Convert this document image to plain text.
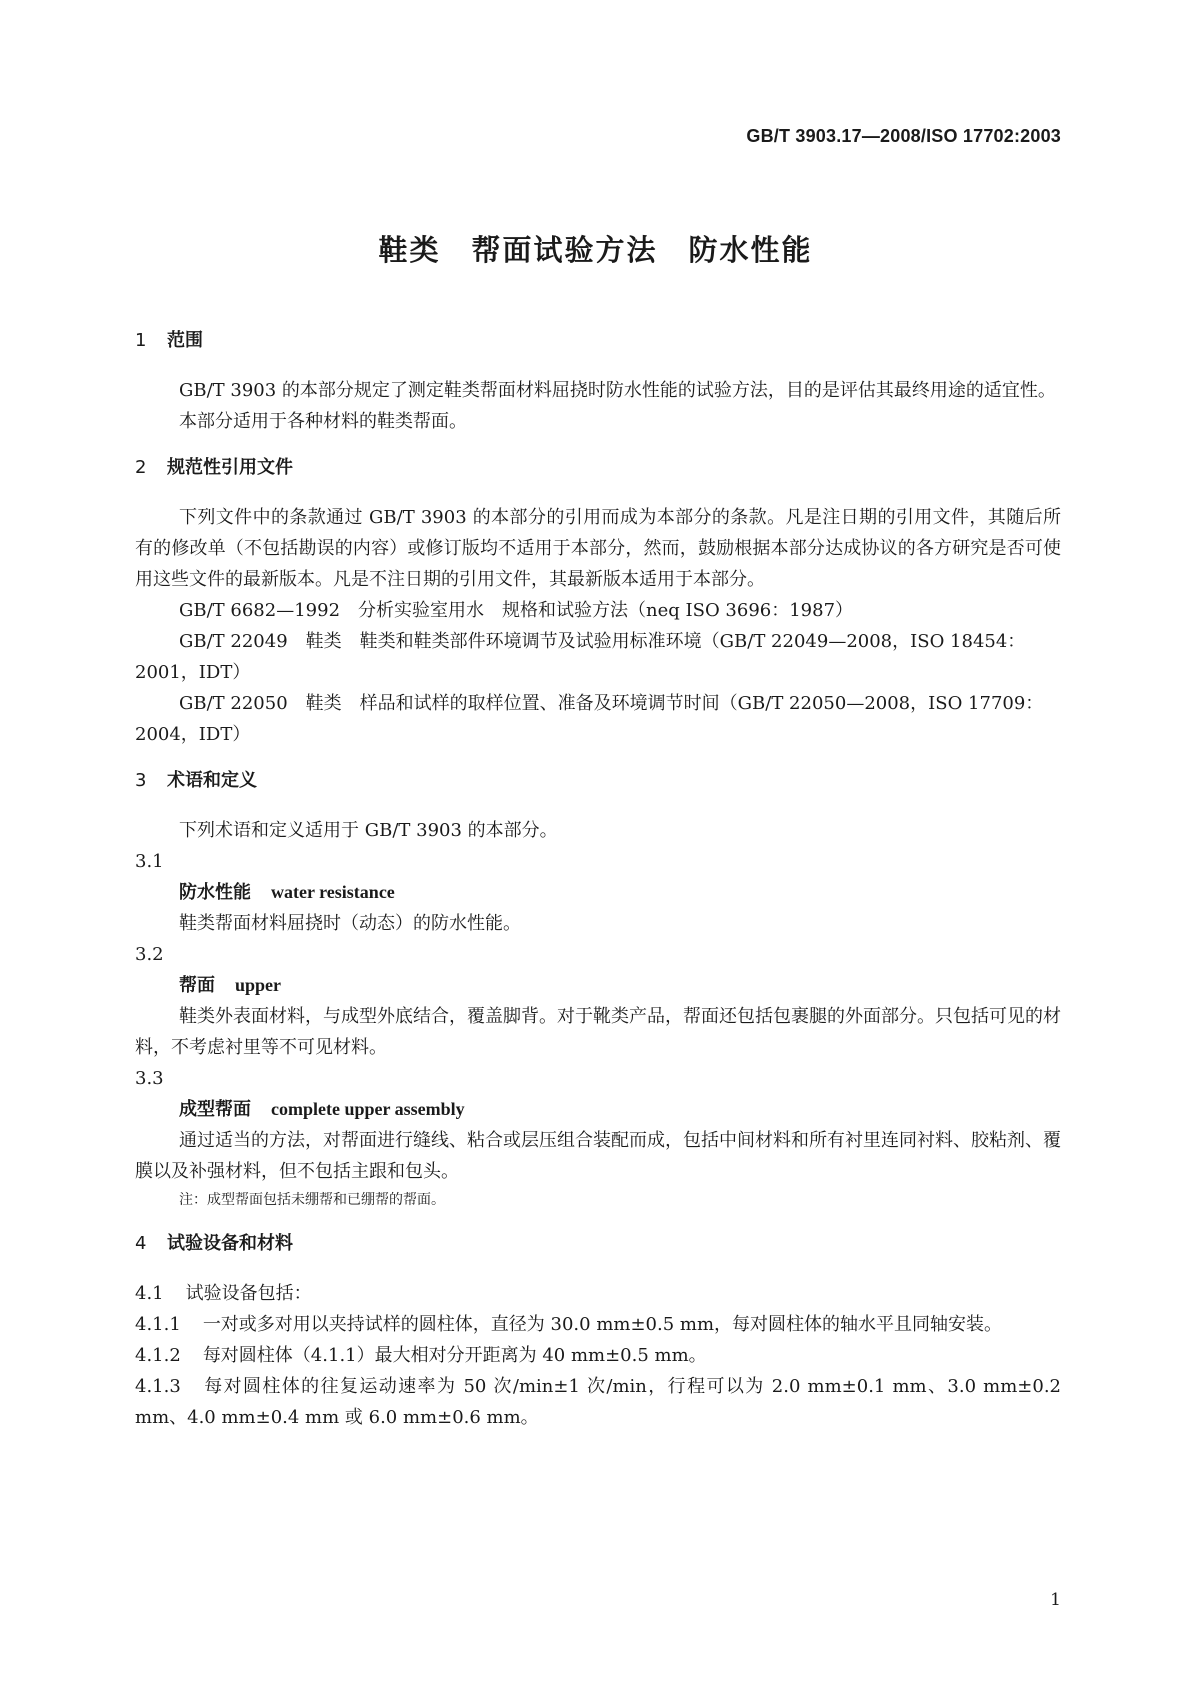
GB/T 3903.17—2008/ISO 17702:2003
鞋类　帮面试验方法　防水性能
1 范围

GB/T 3903 的本部分规定了测定鞋类帮面材料屈挠时防水性能的试验方法，目的是评估其最终用途的适宜性。

本部分适用于各种材料的鞋类帮面。

2 规范性引用文件

下列文件中的条款通过 GB/T 3903 的本部分的引用而成为本部分的条款。凡是注日期的引用文件，其随后所有的修改单（不包括勘误的内容）或修订版均不适用于本部分，然而，鼓励根据本部分达成协议的各方研究是否可使用这些文件的最新版本。凡是不注日期的引用文件，其最新版本适用于本部分。

GB/T 6682—1992　分析实验室用水　规格和试验方法（neq ISO 3696：1987）

GB/T 22049　鞋类　鞋类和鞋类部件环境调节及试验用标准环境（GB/T 22049—2008，ISO 18454：2001，IDT）

GB/T 22050　鞋类　样品和试样的取样位置、准备及环境调节时间（GB/T 22050—2008，ISO 17709：2004，IDT）

3 术语和定义

下列术语和定义适用于 GB/T 3903 的本部分。

3.1

防水性能 water resistance

鞋类帮面材料屈挠时（动态）的防水性能。

3.2

帮面 upper

鞋类外表面材料，与成型外底结合，覆盖脚背。对于靴类产品，帮面还包括包裹腿的外面部分。只包括可见的材料，不考虑衬里等不可见材料。

3.3

成型帮面 complete upper assembly

通过适当的方法，对帮面进行缝线、粘合或层压组合装配而成，包括中间材料和所有衬里连同衬料、胶粘剂、覆膜以及补强材料，但不包括主跟和包头。

注：成型帮面包括未绷帮和已绷帮的帮面。

4 试验设备和材料

4.1 试验设备包括：

4.1.1 一对或多对用以夹持试样的圆柱体，直径为 30.0 mm±0.5 mm，每对圆柱体的轴水平且同轴安装。

4.1.2 每对圆柱体（4.1.1）最大相对分开距离为 40 mm±0.5 mm。

4.1.3 每对圆柱体的往复运动速率为 50 次/min±1 次/min，行程可以为 2.0 mm±0.1 mm、3.0 mm±0.2 mm、4.0 mm±0.4 mm 或 6.0 mm±0.6 mm。

1
